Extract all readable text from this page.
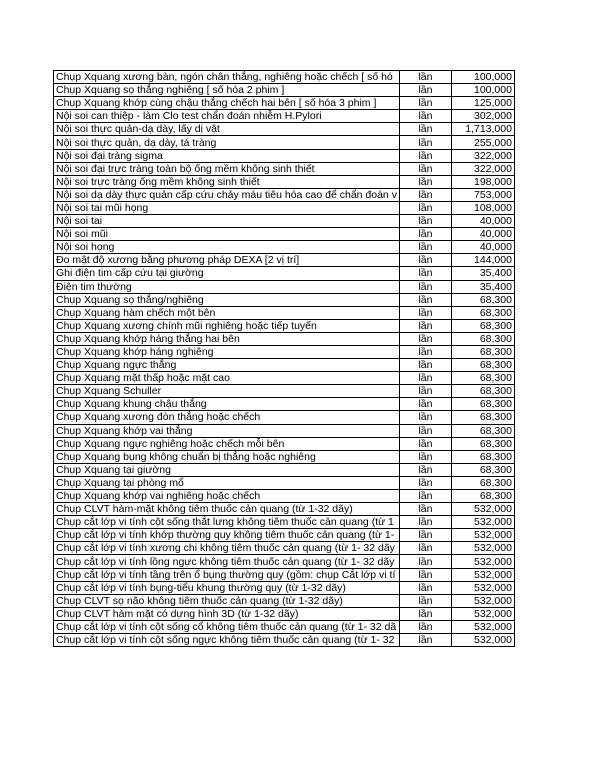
Chụp Xquang xương bàn, ngón chân thẳng, nghiêng hoặc chếch [ số hó	lần	100,000

Chụp Xquang sọ thẳng nghiêng [ số hóa 2 phim ]	lần	100,000

Chụp Xquang khớp cùng chậu thẳng chếch hai bên [ số hóa 3 phim ]	lần	125,000

Nội soi can thiệp - làm Clo test chẩn đoán nhiễm H.Pylori	lần	302,000

Nội soi thực quản-dạ dày, lấy dị vật	lần	1,713,000

Nội soi thực quản, dạ dày, tá tràng	lần	255,000

Nội soi đại tràng sigma	lần	322,000

Nội soi đại trực tràng toàn bộ ống mềm không sinh thiết	lần	322,000

Nội soi trực tràng ống mềm không sinh thiết	lần	198,000

Nội soi dạ dày thực quản cấp cứu chảy máu tiêu hóa cao để chẩn đoán v	lần	753,000

Nội soi tai mũi họng	lần	108,000

Nội soi tai	lần	40,000

Nội soi mũi	lần	40,000

Nội soi họng	lần	40,000

Đo mật độ xương bằng phương pháp DEXA [2 vị trí]	lần	144,000

Ghi điện tim cấp cứu tại giường	lần	35,400

Điện tim thường	lần	35,400

Chụp Xquang sọ thẳng/nghiêng	lần	68,300

Chụp Xquang hàm chếch một bên	lần	68,300

Chụp Xquang xương chính mũi nghiêng hoặc tiếp tuyến	lần	68,300

Chụp Xquang khớp háng thẳng hai bên	lần	68,300

Chụp Xquang khớp háng nghiêng	lần	68,300

Chụp Xquang ngực thẳng	lần	68,300

Chụp Xquang mặt thấp hoặc mặt cao	lần	68,300

Chụp Xquang Schuller	lần	68,300

Chụp Xquang khung chậu thẳng	lần	68,300

Chụp Xquang xương đòn thẳng hoặc chếch	lần	68,300

Chụp Xquang khớp vai thẳng	lần	68,300

Chụp Xquang ngực nghiêng hoặc chếch mỗi bên	lần	68,300

Chụp Xquang bụng không chuẩn bị thẳng hoặc nghiêng	lần	68,300

Chụp Xquang tại giường	lần	68,300

Chụp Xquang tại phòng mổ	lần	68,300

Chụp Xquang khớp vai nghiêng hoặc chếch	lần	68,300

Chụp CLVT hàm-mặt không tiêm thuốc cản quang (từ 1-32 dãy)	lần	532,000

Chụp cắt lớp vi tính cột sống thắt lưng không tiêm thuốc cản quang (từ 1	lần	532,000

Chụp cắt lớp vi tính khớp thường quy không tiêm thuốc cản quang (từ 1-	lần	532,000

Chụp cắt lớp vi tính xương chi không tiêm thuốc cản quang (từ 1- 32 dãy	lần	532,000

Chụp cắt lớp vi tính lồng ngực không tiêm thuốc cản quang (từ 1- 32 dãy	lần	532,000

Chụp cắt lớp vi tính tầng trên ổ bụng thường quy (gồm: chụp Cắt lớp vi tí	lần	532,000

Chụp cắt lớp vi tính bụng-tiểu khung thường quy (từ 1-32 dãy)	lần	532,000

Chụp CLVT sọ não không tiêm thuốc cản quang (từ 1-32 dãy)	lần	532,000

Chụp CLVT hàm mặt có dựng hình 3D (từ 1-32 dãy)	lần	532,000

Chụp cắt lớp vi tính cột sống cổ không tiêm thuốc cản quang (từ 1- 32 dã	lần	532,000

Chụp cắt lớp vi tính cột sống ngực không tiêm thuốc cản quang (từ 1- 32	lần	532,000
